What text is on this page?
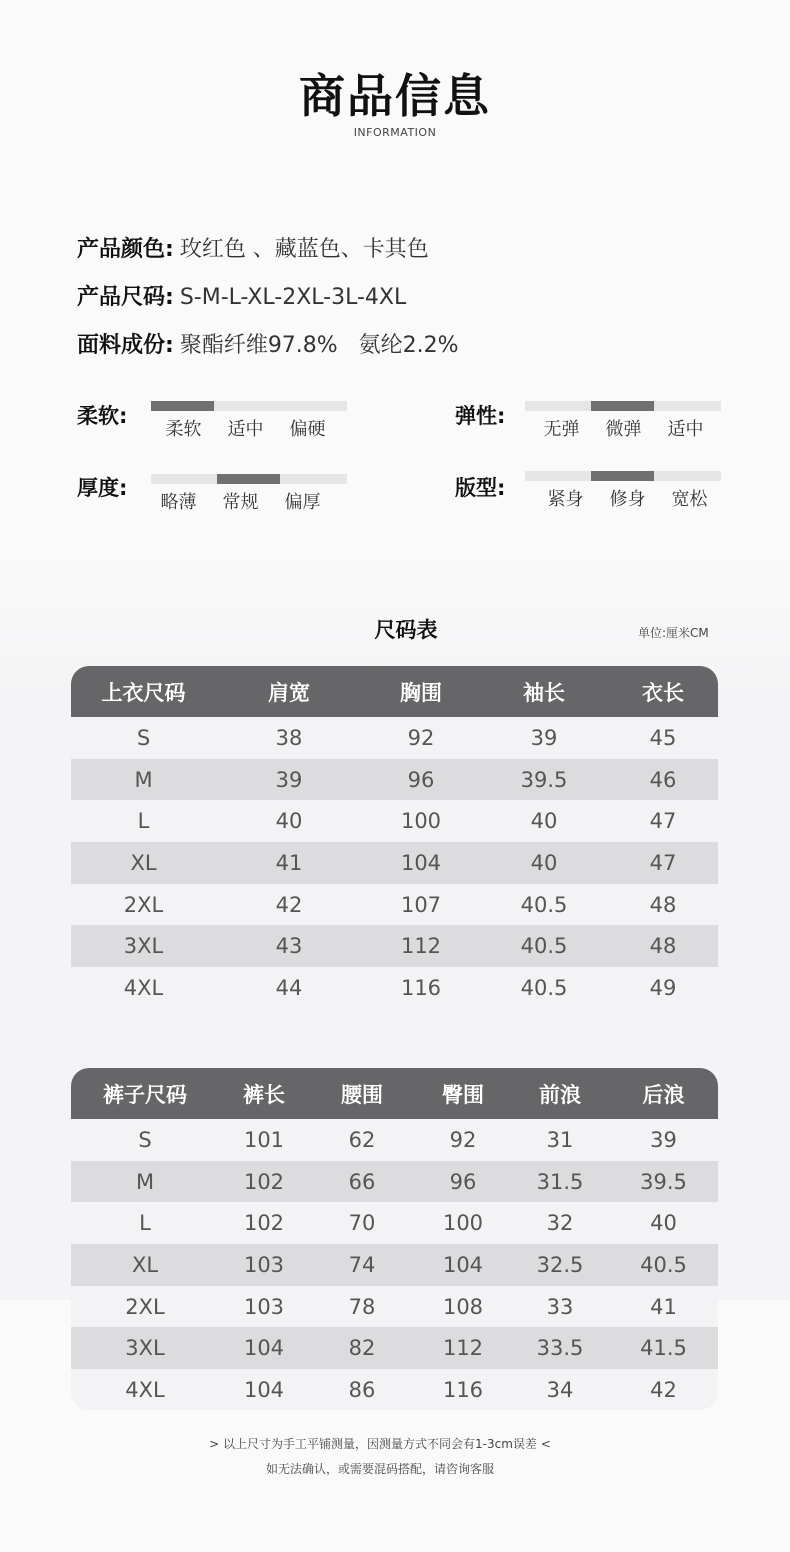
商品信息
INFORMATION
产品颜色: 玫红色 、藏蓝色、卡其色
产品尺码: S-M-L-XL-2XL-3L-4XL
面料成份: 聚酯纤维97.8%   氨纶2.2%
柔软:
柔软	适中	偏硬
弹性:
无弹	微弹	适中
厚度:
略薄	常规	偏厚
版型:	紧身	修身	宽松
尺码表	单位:厘米CM
上衣尺码	肩宽	胸围	袖长	衣长
S	38	92	39	45
M	39	96	39.5	46
L	40	100	40	47
XL	41	104	40	47
2XL	42	107	40.5	48
3XL	43	112	40.5	48
4XL	44	116	40.5	49
裤子尺码	裤长	腰围	臀围	前浪	后浪
S	101	62	92	31	39
M	102	66	96	31.5	39.5
L	102	70	100	32	40
XL	103	74	104	32.5	40.5
2XL	103	78	108	33	41
3XL	104	82	112	33.5	41.5
4XL	104	86	116	34	42
> 以上尺寸为手工平铺测量，因测量方式不同会有1-3cm误差 <
如无法确认，或需要混码搭配，请咨询客服
